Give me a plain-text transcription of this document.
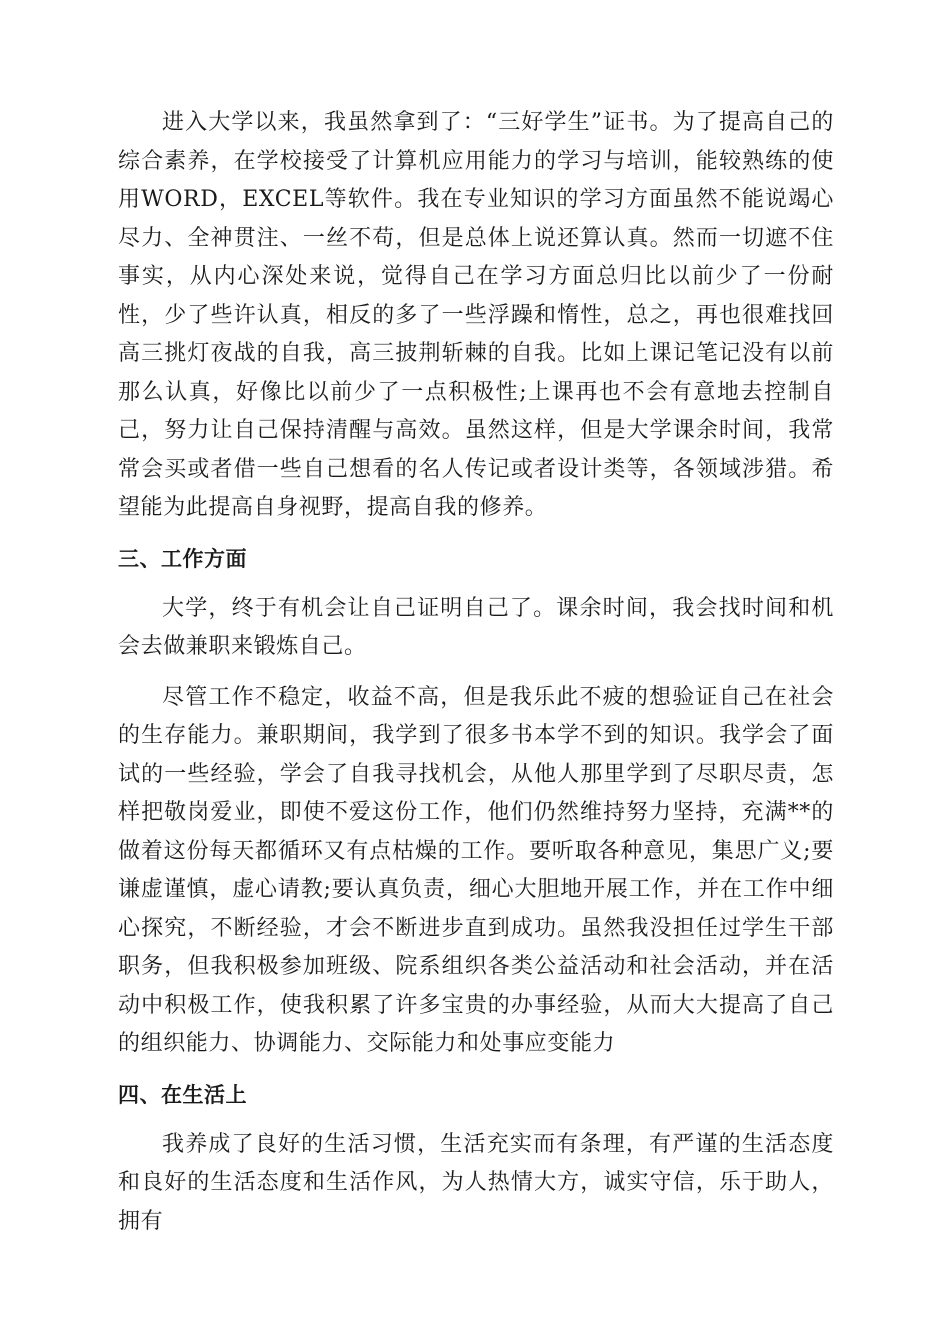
进入大学以来，我虽然拿到了：“三好学生”证书。为了提高自己的综合素养，在学校接受了计算机应用能力的学习与培训，能较熟练的使用WORD，EXCEL等软件。我在专业知识的学习方面虽然不能说竭心尽力、全神贯注、一丝不苟，但是总体上说还算认真。然而一切遮不住事实，从内心深处来说，觉得自己在学习方面总归比以前少了一份耐性，少了些许认真，相反的多了一些浮躁和惰性，总之，再也很难找回高三挑灯夜战的自我，高三披荆斩棘的自我。比如上课记笔记没有以前那么认真，好像比以前少了一点积极性;上课再也不会有意地去控制自己，努力让自己保持清醒与高效。虽然这样，但是大学课余时间，我常常会买或者借一些自己想看的名人传记或者设计类等，各领域涉猎。希望能为此提高自身视野，提高自我的修养。

三、工作方面

大学，终于有机会让自己证明自己了。课余时间，我会找时间和机会去做兼职来锻炼自己。

尽管工作不稳定，收益不高，但是我乐此不疲的想验证自己在社会的生存能力。兼职期间，我学到了很多书本学不到的知识。我学会了面试的一些经验，学会了自我寻找机会，从他人那里学到了尽职尽责，怎样把敬岗爱业，即使不爱这份工作，他们仍然维持努力坚持，充满**的做着这份每天都循环又有点枯燥的工作。要听取各种意见，集思广义;要谦虚谨慎，虚心请教;要认真负责，细心大胆地开展工作，并在工作中细心探究，不断经验，才会不断进步直到成功。虽然我没担任过学生干部职务，但我积极参加班级、院系组织各类公益活动和社会活动，并在活动中积极工作，使我积累了许多宝贵的办事经验，从而大大提高了自己的组织能力、协调能力、交际能力和处事应变能力

四、在生活上

我养成了良好的生活习惯，生活充实而有条理，有严谨的生活态度和良好的生活态度和生活作风，为人热情大方，诚实守信，乐于助人，拥有
